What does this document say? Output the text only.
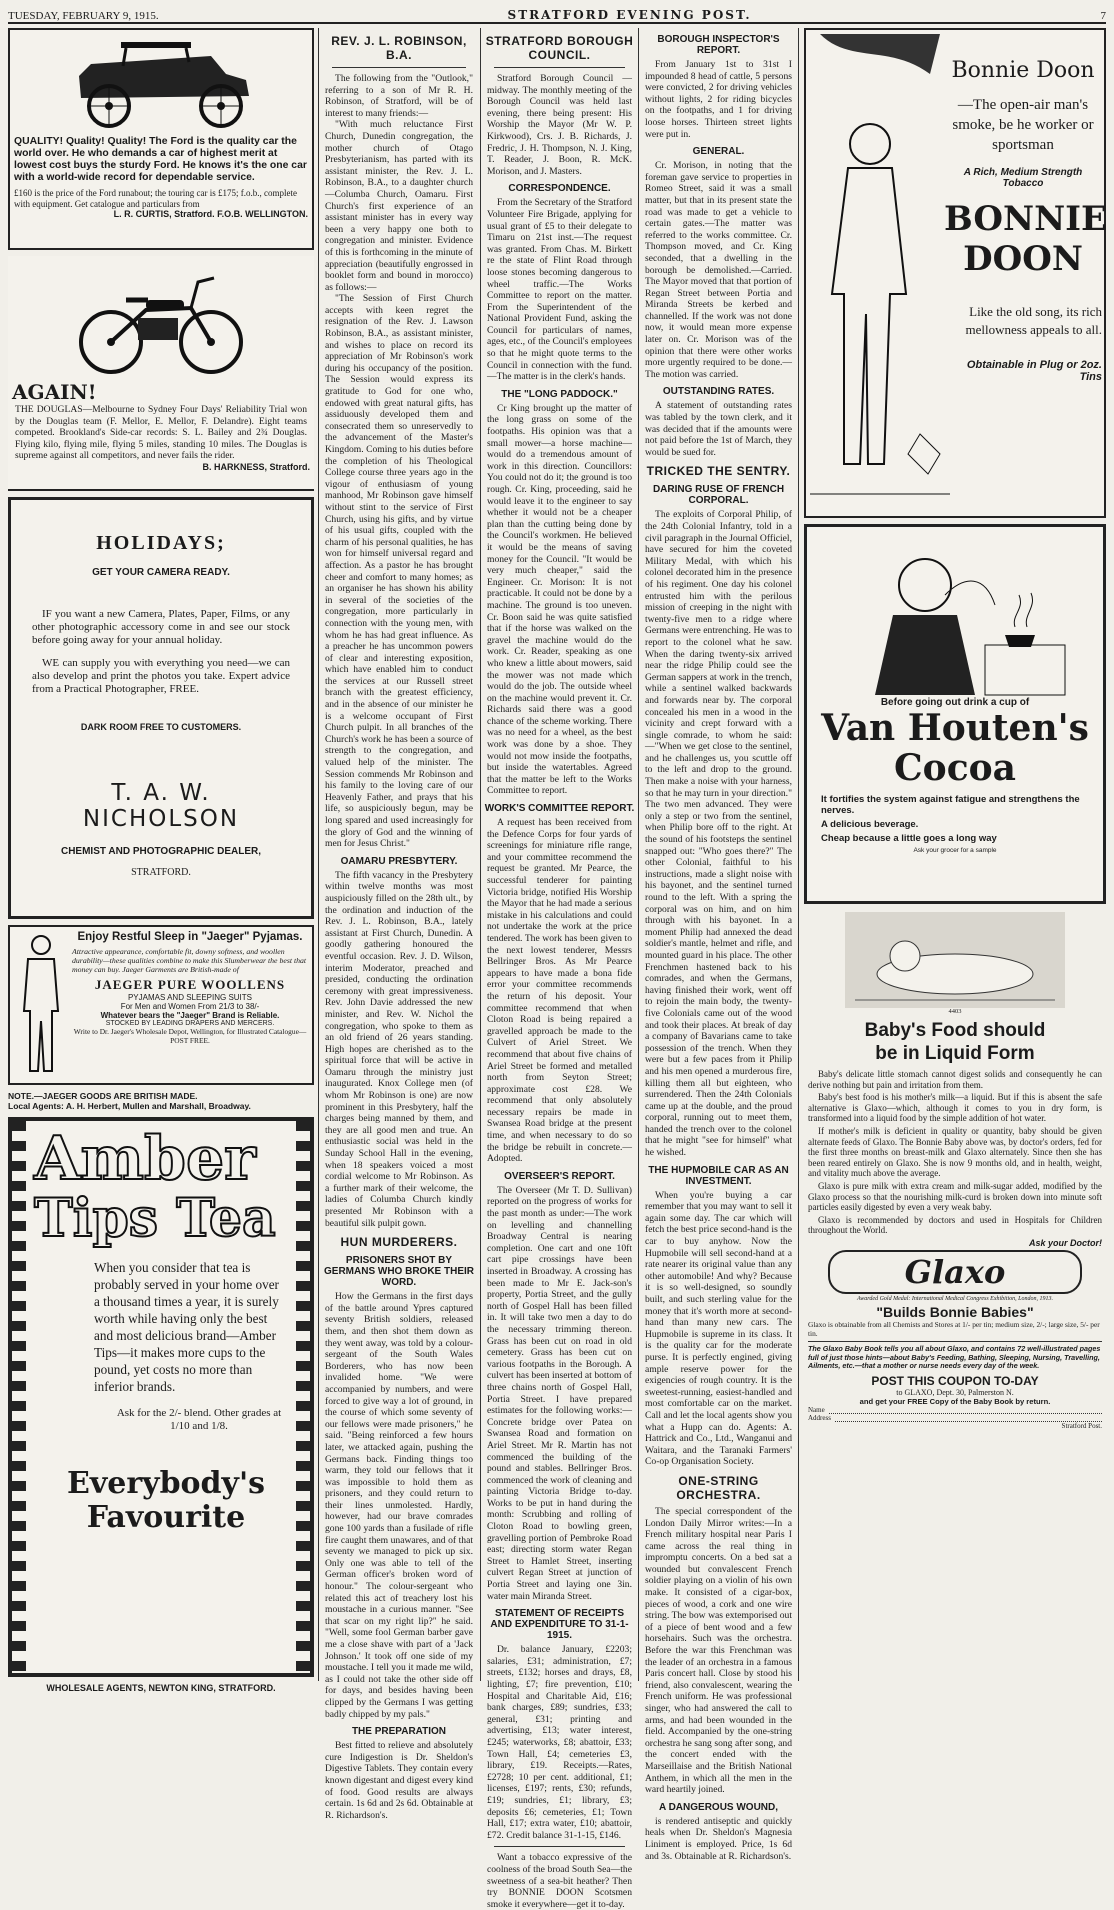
TUESDAY, FEBRUARY 9, 1915.	STRATFORD EVENING POST.	7
QUALITY! Quality! Quality! The Ford is the quality car the world over. He who demands a car of highest merit at lowest cost buys the sturdy Ford. He knows it's the one car with a world-wide record for dependable service.
£160 is the price of the Ford runabout; the touring car is £175; f.o.b., complete with equipment. Get catalogue and particulars from
L. R. CURTIS, Stratford. F.O.B. WELLINGTON.
AGAIN!
THE DOUGLAS—Melbourne to Sydney Four Days' Reliability Trial won by the Douglas team (F. Mellor, E. Mellor, F. Delandre). Eight teams competed. Brookland's Side-car records: S. L. Bailey and 2¾ Douglas. Flying kilo, flying mile, flying 5 miles, standing 10 miles. The Douglas is supreme against all competitors, and never fails the rider.
B. HARKNESS, Stratford.
HOLIDAYS;
GET YOUR CAMERA READY.
IF you want a new Camera, Plates, Paper, Films, or any other photographic accessory come in and see our stock before going away for your annual holiday.
WE can supply you with everything you need—we can also develop and print the photos you take. Expert advice from a Practical Photographer, FREE.
DARK ROOM FREE TO CUSTOMERS.
T. A. W. NICHOLSON
CHEMIST AND PHOTOGRAPHIC DEALER,
STRATFORD.
Enjoy Restful Sleep in "Jaeger" Pyjamas.
Attractive appearance, comfortable fit, downy softness, and woollen durability—these qualities combine to make this Slumberwear the best that money can buy. Jaeger Garments are British-made of
JAEGER PURE WOOLLENS
PYJAMAS AND SLEEPING SUITS
For Men and Women From 21/3 to 38/-
Whatever bears the "Jaeger" Brand is Reliable.
STOCKED BY LEADING DRAPERS AND MERCERS.
Write to Dr. Jaeger's Wholesale Depot, Wellington, for Illustrated Catalogue—POST FREE.
NOTE.—JAEGER GOODS ARE BRITISH MADE.
Local Agents: A. H. Herbert, Mullen and Marshall, Broadway.
Amber
Tips Tea
When you consider that tea is probably served in your home over a thousand times a year, it is surely worth while having only the best and most delicious brand—Amber Tips—it makes more cups to the pound, yet costs no more than inferior brands.
Ask for the 2/- blend. Other grades at 1/10 and 1/8.
Everybody's
Favourite
WHOLESALE AGENTS, NEWTON KING, STRATFORD.
REV. J. L. ROBINSON, B.A.

The following from the "Outlook," referring to a son of Mr R. H. Robinson, of Stratford, will be of interest to many friends:—

"With much reluctance First Church, Dunedin congregation, the mother church of Otago Presbyterianism, has parted with its assistant minister, the Rev. J. L. Robinson, B.A., to a daughter church—Columba Church, Oamaru. First Church's first experience of an assistant minister has in every way been a very happy one both to congregation and minister. Evidence of this is forthcoming in the minute of appreciation (beautifully engrossed in booklet form and bound in morocco) as follows:—

"The Session of First Church accepts with keen regret the resignation of the Rev. J. Lawson Robinson, B.A., as assistant minister, and wishes to place on record its appreciation of Mr Robinson's work during his occupancy of the position. The Session would express its gratitude to God for one who, endowed with great natural gifts, has assiduously developed them and consecrated them so unreservedly to the advancement of the Master's Kingdom. Coming to his duties before the completion of his Theological College course three years ago in the vigour of enthusiasm of young manhood, Mr Robinson gave himself without stint to the service of First Church, using his gifts, and by virtue of his usual gifts, coupled with the charm of his personal qualities, he has won for himself universal regard and affection. As a pastor he has brought cheer and comfort to many homes; as an organiser he has shown his ability in several of the societies of the congregation, more particularly in connection with the young men, with whom he has had great influence. As a preacher he has uncommon powers of clear and interesting exposition, which have enabled him to conduct the services at our Russell street branch with the greatest efficiency, and in the absence of our minister he is a welcome occupant of First Church pulpit. In all branches of the Church's work he has been a source of strength to the congregation, and valued help of the minister. The Session commends Mr Robinson and his family to the loving care of our Heavenly Father, and prays that his life, so auspiciously begun, may be long spared and used increasingly for the glory of God and the winning of men for Jesus Christ."

OAMARU PRESBYTERY.

The fifth vacancy in the Presbytery within twelve months was most auspiciously filled on the 28th ult., by the ordination and induction of the Rev. J. L. Robinson, B.A., lately assistant at First Church, Dunedin. A goodly gathering honoured the eventful occasion. Rev. J. D. Wilson, interim Moderator, preached and presided, conducting the ordination ceremony with great impressiveness. Rev. John Davie addressed the new minister, and Rev. W. Nichol the congregation, who spoke to them as an old friend of 26 years standing. High hopes are cherished as to the spiritual force that will be active in Oamaru through the ministry just inaugurated. Knox College men (of whom Mr Robinson is one) are now prominent in this Presbytery, half the charges being manned by them, and they are all good men and true. An enthusiastic social was held in the Sunday School Hall in the evening, when 18 speakers voiced a most cordial welcome to Mr Robinson. As a further mark of their welcome, the ladies of Columba Church kindly presented Mr Robinson with a beautiful silk pulpit gown.

HUN MURDERERS.
PRISONERS SHOT BY GERMANS WHO BROKE THEIR WORD.

How the Germans in the first days of the battle around Ypres captured seventy British soldiers, released them, and then shot them down as they went away, was told by a colour-sergeant of the South Wales Borderers, who has now been invalided home. "We were accompanied by numbers, and were forced to give way a lot of ground, in the course of which some seventy of our fellows were made prisoners," he said. "Being reinforced a few hours later, we attacked again, pushing the Germans back. Finding things too warm, they told our fellows that it was impossible to hold them as prisoners, and they could return to their lines unmolested. Hardly, however, had our brave comrades gone 100 yards than a fusilade of rifle fire caught them unawares, and of that seventy we managed to pick up six. Only one was able to tell of the German officer's broken word of honour." The colour-sergeant who related this act of treachery lost his moustache in a curious manner. "See that scar on my right lip?" he said. "Well, some fool German barber gave me a close shave with part of a 'Jack Johnson.' It took off one side of my moustache. I tell you it made me wild, as I could not take the other side off for days, and besides having been clipped by the Germans I was getting badly chipped by my pals."

THE PREPARATION

Best fitted to relieve and absolutely cure Indigestion is Dr. Sheldon's Digestive Tablets. They contain every known digestant and digest every kind of food. Good results are always certain. 1s 6d and 2s 6d. Obtainable at R. Richardson's.

STRATFORD BOROUGH COUNCIL.

Stratford Borough Council — midway. The monthly meeting of the Borough Council was held last evening, there being present: His Worship the Mayor (Mr W. P. Kirkwood), Crs. J. B. Richards, J. Fredric, J. H. Thompson, N. J. King, T. Reader, J. Boon, R. McK. Morison, and J. Masters.

CORRESPONDENCE.

From the Secretary of the Stratford Volunteer Fire Brigade, applying for usual grant of £5 to their delegate to Timaru on 21st inst.—The request was granted. From Chas. M. Birkett re the state of Flint Road through loose stones becoming dangerous to wheel traffic.—The Works Committee to report on the matter. From the Superintendent of the National Provident Fund, asking the Council for particulars of names, ages, etc., of the Council's employees so that he might quote terms to the Council in connection with the fund.—The matter is in the clerk's hands.

THE "LONG PADDOCK."

Cr King brought up the matter of the long grass on some of the footpaths. His opinion was that a small mower—a horse machine—would do a tremendous amount of work in this direction. Councillors: You could not do it; the ground is too rough. Cr. King, proceeding, said he would leave it to the engineer to say whether it would not be a cheaper plan than the cutting being done by the Council's workmen. He believed it would be the means of saving money for the Council. "It would be very much cheaper," said the Engineer. Cr. Morison: It is not practicable. It could not be done by a machine. The ground is too uneven. Cr. Boon said he was quite satisfied that if the horse was walked on the gravel the machine would do the work. Cr. Reader, speaking as one who knew a little about mowers, said the mower was not made which would do the job. The outside wheel on the machine would prevent it. Cr. Richards said there was a good chance of the scheme working. There was no need for a wheel, as the best work was done by a shoe. They would not mow inside the footpaths, but inside the watertables. Agreed that the matter be left to the Works Committee to report.

WORK'S COMMITTEE REPORT.

A request has been received from the Defence Corps for four yards of screenings for miniature rifle range, and your committee recommend the request be granted. Mr Pearce, the successful tenderer for painting Victoria bridge, notified His Worship the Mayor that he had made a serious mistake in his calculations and could not undertake the work at the price tendered. The work has been given to the next lowest tenderer, Messrs Bellringer Bros. As Mr Pearce appears to have made a bona fide error your committee recommends the return of his deposit. Your committee recommend that when Cloton Road is being repaired a gravelled approach be made to the Culvert of Ariel Street. We recommend that about five chains of Ariel Street be formed and metalled north from Seyton Street; approximate cost £28. We recommend that only absolutely necessary repairs be made in Swansea Road bridge at the present time, and when necessary to do so the bridge be rebuilt in concrete.—Adopted.

OVERSEER'S REPORT.

The Overseer (Mr T. D. Sullivan) reported on the progress of works for the past month as under:—The work on levelling and channelling Broadway Central is nearing completion. One cart and one 10ft cart pipe crossings have been inserted in Broadway. A crossing has been made to Mr E. Jack-son's property, Portia Street, and the gully north of Gospel Hall has been filled in. It will take two men a day to do the necessary trimming thereon. Grass has been cut on road in old cemetery. Grass has been cut on various footpaths in the Borough. A culvert has been inserted at bottom of three chains north of Gospel Hall, Portia Street. I have prepared estimates for the following works:—Concrete bridge over Patea on Swansea Road and formation on Ariel Street. Mr R. Martin has not commenced the building of the pound and stables. Bellringer Bros. commenced the work of cleaning and painting Victoria Bridge to-day. Works to be put in hand during the month: Scrubbing and rolling of Cloton Road to bowling green, gravelling portion of Pembroke Road east; directing storm water Regan Street to Hamlet Street, inserting culvert Regan Street at junction of Portia Street and laying one 3in. water main Miranda Street.

STATEMENT OF RECEIPTS AND EXPENDITURE TO 31-1-1915.

Dr. balance January, £2203; salaries, £31; administration, £7; streets, £132; horses and drays, £8, lighting, £7; fire prevention, £10; Hospital and Charitable Aid, £16; bank charges, £89; sundries, £33; general, £31; printing and advertising, £13; water interest, £245; waterworks, £8; abattoir, £33; Town Hall, £4; cemeteries £3, library, £19. Receipts.—Rates, £2728; 10 per cent. additional, £1; licenses, £197; rents, £30; refunds, £19; sundries, £1; library, £3; deposits £6; cemeteries, £1; Town Hall, £17; extra water, £10; abattoir, £72. Credit balance 31-1-15, £146.

Want a tobacco expressive of the coolness of the broad South Sea—the sweetness of a sea-bit heather? Then try BONNIE DOON Scotsmen smoke it everywhere—get it to-day.

BOROUGH INSPECTOR'S REPORT.

From January 1st to 31st I impounded 8 head of cattle, 5 persons were convicted, 2 for driving vehicles without lights, 2 for riding bicycles on the footpaths, and 1 for driving loose horses. Thirteen street lights were put in.

GENERAL.

Cr. Morison, in noting that the foreman gave service to properties in Romeo Street, said it was a small matter, but that in its present state the road was made to get a vehicle to certain gates.—The matter was referred to the works committee. Cr. Thompson moved, and Cr. King seconded, that a dwelling in the borough be demolished.—Carried. The Mayor moved that that portion of Regan Street between Portia and Miranda Streets be kerbed and channelled. If the work was not done now, it would mean more expense later on. Cr. Morison was of the opinion that there were other works more urgently required to be done.—The motion was carried.

OUTSTANDING RATES.

A statement of outstanding rates was tabled by the town clerk, and it was decided that if the amounts were not paid before the 1st of March, they would be sued for.

TRICKED THE SENTRY.
DARING RUSE OF FRENCH CORPORAL.

The exploits of Corporal Philip, of the 24th Colonial Infantry, told in a civil paragraph in the Journal Officiel, have secured for him the coveted Military Medal, with which his colonel decorated him in the presence of his regiment. One day his colonel entrusted him with the perilous mission of creeping in the night with twenty-five men to a ridge where Germans were entrenching. He was to report to the colonel what he saw. When the daring twenty-six arrived near the ridge Philip could see the German sappers at work in the trench, while a sentinel walked backwards and forwards near by. The corporal concealed his men in a wood in the vicinity and crept forward with a single comrade, to whom he said:—"When we get close to the sentinel, and he challenges us, you scuttle off to the left and drop to the ground. Then make a noise with your harness, so that he may turn in your direction." The two men advanced. They were only a step or two from the sentinel, when Philip bore off to the right. At the sound of his footsteps the sentinel snapped out: "Who goes there?" The other Colonial, faithful to his instructions, made a slight noise with his bayonet, and the sentinel turned round to the left. With a spring the corporal was on him, and on him through with his bayonet. In a moment Philip had annexed the dead soldier's mantle, helmet and rifle, and mounted guard in his place. The other Frenchmen hastened back to his comrades, and when the Germans, having finished their work, went off to rejoin the main body, the twenty-five Colonials came out of the wood and took their places. At break of day a company of Bavarians came to take possession of the trench. When they were but a few paces from it Philip and his men opened a murderous fire, killing them all but eighteen, who surrendered. Then the 24th Colonials came up at the double, and the proud corporal, running out to meet them, handed the trench over to the colonel that he might "see for himself" what he wished.

THE HUPMOBILE CAR AS AN INVESTMENT.

When you're buying a car remember that you may want to sell it again some day. The car which will fetch the best price second-hand is the car to buy anyhow. Now the Hupmobile will sell second-hand at a rate nearer its original value than any other automobile! And why? Because it is so well-designed, so soundly built, and such sterling value for the money that it's worth more at second-hand than many new cars. The Hupmobile is supreme in its class. It is the quality car for the moderate purse. It is perfectly engined, giving ample reserve power for the exigencies of rough country. It is the sweetest-running, easiest-handled and most comfortable car on the market. Call and let the local agents show you what a Hupp can do. Agents: A. Hattrick and Co., Ltd., Wanganui and Waitara, and the Taranaki Farmers' Co-op Organisation Society.

ONE-STRING ORCHESTRA.

The special correspondent of the London Daily Mirror writes:—In a French military hospital near Paris I came across the real thing in impromptu concerts. On a bed sat a wounded but convalescent French soldier playing on a violin of his own make. It consisted of a cigar-box, pieces of wood, a cork and one wire string. The bow was extemporised out of a piece of bent wood and a few horsehairs. Such was the orchestra. Before the war this Frenchman was the leader of an orchestra in a famous Paris concert hall. Close by stood his friend, also convalescent, wearing the French uniform. He was professional singer, who had answered the call to arms, and had been wounded in the field. Accompanied by the one-string orchestra he sang song after song, and the concert ended with the Marseillaise and the British National Anthem, in which all the men in the ward heartily joined.

A DANGEROUS WOUND,

is rendered antiseptic and quickly heals when Dr. Sheldon's Magnesia Liniment is employed. Price, 1s 6d and 3s. Obtainable at R. Richardson's.

Bonnie Doon
—The open-air man's smoke, be he worker or sportsman
A Rich, Medium Strength Tobacco
BONNIE
DOON
Like the old song, its rich mellowness appeals to all.
Obtainable in Plug or 2oz. Tins
Before going out drink a cup of
Van Houten's
Cocoa
It fortifies the system against fatigue and strengthens the nerves.
A delicious beverage.
Cheap because a little goes a long way
Ask your grocer for a sample
4403
Baby's Food should
be in Liquid Form

Baby's delicate little stomach cannot digest solids and consequently he can derive nothing but pain and irritation from them.

Baby's best food is his mother's milk—a liquid. But if this is absent the safe alternative is Glaxo—which, although it comes to you in dry form, is transformed into a liquid food by the simple addition of hot water.

If mother's milk is deficient in quality or quantity, baby should be given alternate feeds of Glaxo. The Bonnie Baby above was, by doctor's orders, fed for the first three months on breast-milk and Glaxo alternately. Since then she has been reared entirely on Glaxo. She is now 9 months old, and in health, weight, and vitality much above the average.

Glaxo is pure milk with extra cream and milk-sugar added, modified by the Glaxo process so that the nourishing milk-curd is broken down into minute soft particles easily digested by even a very weak baby.

Glaxo is recommended by doctors and used in Hospitals for Children throughout the World.

Ask your Doctor!
Glaxo
Awarded Gold Medal: International Medical Congress Exhibition, London, 1913.
"Builds Bonnie Babies"
Glaxo is obtainable from all Chemists and Stores at 1/- per tin; medium size, 2/-; large size, 5/- per tin.
The Glaxo Baby Book tells you all about Glaxo, and contains 72 well-illustrated pages full of just those hints—about Baby's Feeding, Bathing, Sleeping, Nursing, Travelling, Ailments, etc.—that a mother or nurse needs every day of the week.
POST THIS COUPON TO-DAY
to GLAXO, Dept. 30, Palmerston N.
and get your FREE Copy of the Baby Book by return.
Name
Address
Stratford Post.
